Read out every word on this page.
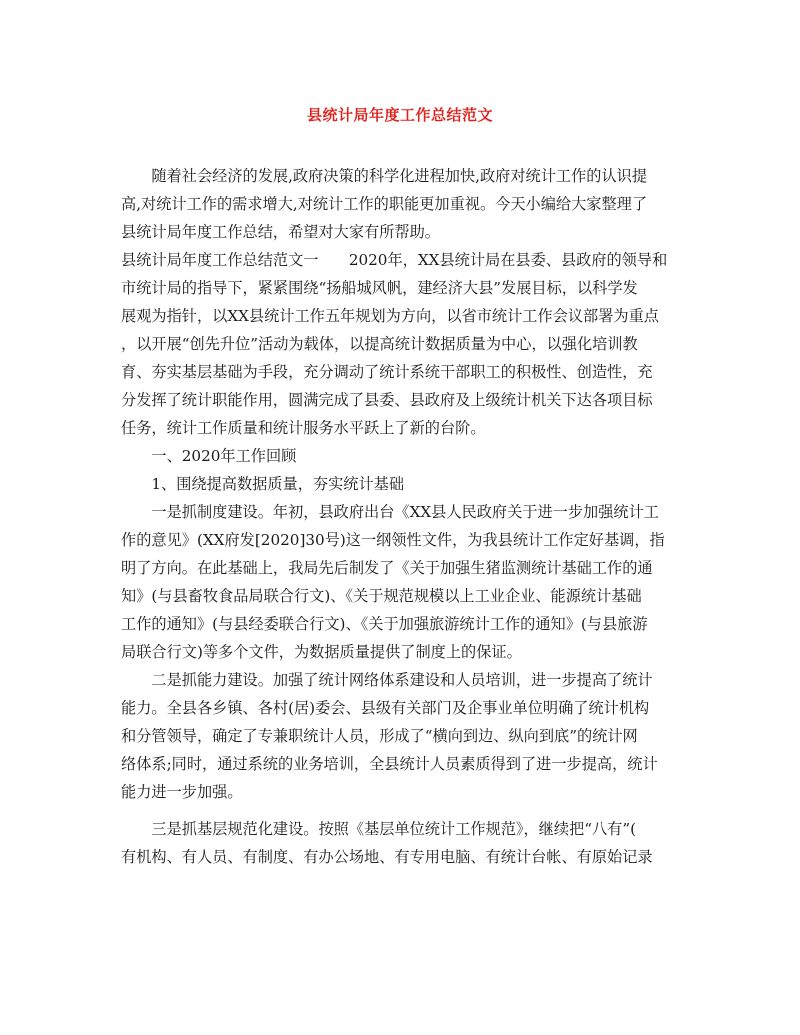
县统计局年度工作总结范文
　　随着社会经济的发展,政府决策的科学化进程加快,政府对统计工作的认识提
高,对统计工作的需求增大,对统计工作的职能更加重视。今天小编给大家整理了
县统计局年度工作总结，希望对大家有所帮助。
县统计局年度工作总结范文一　　2020年，XX县统计局在县委、县政府的领导和
市统计局的指导下，紧紧围绕“扬船城风帆，建经济大县”发展目标，以科学发
展观为指针，以XX县统计工作五年规划为方向，以省市统计工作会议部署为重点
，以开展“创先升位”活动为载体，以提高统计数据质量为中心，以强化培训教
育、夯实基层基础为手段，充分调动了统计系统干部职工的积极性、创造性，充
分发挥了统计职能作用，圆满完成了县委、县政府及上级统计机关下达各项目标
任务，统计工作质量和统计服务水平跃上了新的台阶。
　　一、2020年工作回顾
　　1、围绕提高数据质量，夯实统计基础
　　一是抓制度建设。年初，县政府出台《XX县人民政府关于进一步加强统计工
作的意见》(XX府发[2020]30号)这一纲领性文件，为我县统计工作定好基调，指
明了方向。在此基础上，我局先后制发了《关于加强生猪监测统计基础工作的通
知》(与县畜牧食品局联合行文)、《关于规范规模以上工业企业、能源统计基础
工作的通知》(与县经委联合行文)、《关于加强旅游统计工作的通知》(与县旅游
局联合行文)等多个文件，为数据质量提供了制度上的保证。
　　二是抓能力建设。加强了统计网络体系建设和人员培训，进一步提高了统计
能力。全县各乡镇、各村(居)委会、县级有关部门及企事业单位明确了统计机构
和分管领导，确定了专兼职统计人员，形成了“横向到边、纵向到底”的统计网
络体系;同时，通过系统的业务培训，全县统计人员素质得到了进一步提高，统计
能力进一步加强。
　　三是抓基层规范化建设。按照《基层单位统计工作规范》，继续把“八有”(
有机构、有人员、有制度、有办公场地、有专用电脑、有统计台帐、有原始记录
